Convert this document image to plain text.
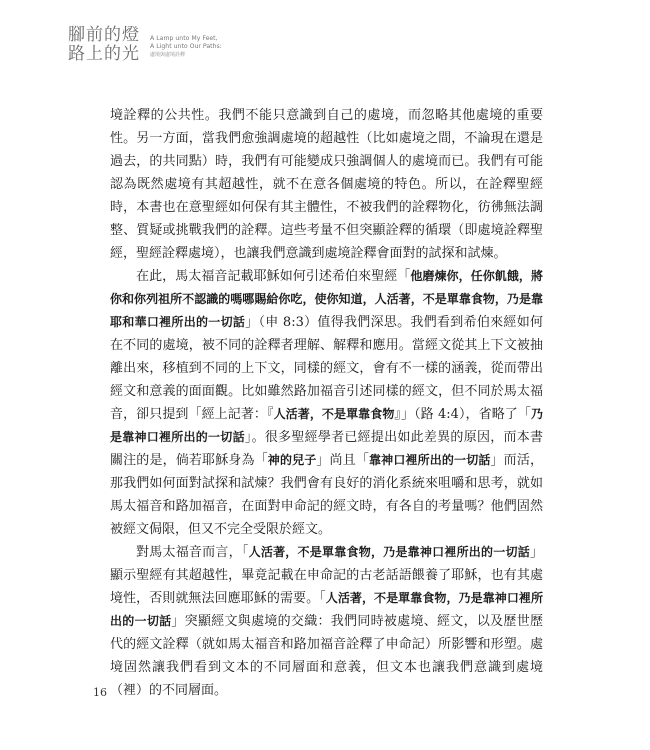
腳前的燈
路上的光
A Lamp unto My Feet,
A Light unto Our Paths:
處境與處境詮釋

境詮釋的公共性。我們不能只意識到自己的處境，而忽略其他處境的重要性。另一方面，當我們愈強調處境的超越性（比如處境之間，不論現在還是過去，的共同點）時，我們有可能變成只強調個人的處境而已。我們有可能認為既然處境有其超越性，就不在意各個處境的特色。所以，在詮釋聖經時，本書也在意聖經如何保有其主體性，不被我們的詮釋物化，彷彿無法調整、質疑或挑戰我們的詮釋。這些考量不但突顯詮釋的循環（即處境詮釋聖經，聖經詮釋處境），也讓我們意識到處境詮釋會面對的試探和試煉。

在此，馬太福音記載耶穌如何引述希伯來聖經「他磨煉你，任你飢餓，將你和你列祖所不認識的嗎哪賜給你吃，使你知道，人活著，不是單靠食物，乃是靠耶和華口裡所出的一切話」（申 8:3）值得我們深思。我們看到希伯來經如何在不同的處境，被不同的詮釋者理解、解釋和應用。當經文從其上下文被抽離出來，移植到不同的上下文，同樣的經文，會有不一樣的涵義，從而帶出經文和意義的面面觀。比如雖然路加福音引述同樣的經文，但不同於馬太福音，卻只提到「經上記著：『人活著，不是單靠食物』」（路 4:4），省略了「乃是靠神口裡所出的一切話」。很多聖經學者已經提出如此差異的原因，而本書關注的是，倘若耶穌身為「神的兒子」尚且「靠神口裡所出的一切話」而活，那我們如何面對試探和試煉？我們會有良好的消化系統來咀嚼和思考，就如馬太福音和路加福音，在面對申命記的經文時，有各自的考量嗎？他們固然被經文侷限，但又不完全受限於經文。

對馬太福音而言，「人活著，不是單靠食物，乃是靠神口裡所出的一切話」顯示聖經有其超越性，畢竟記載在申命記的古老話語餵養了耶穌，也有其處境性，否則就無法回應耶穌的需要。「人活著，不是單靠食物，乃是靠神口裡所出的一切話」突顯經文與處境的交織：我們同時被處境、經文，以及歷世歷代的經文詮釋（就如馬太福音和路加福音詮釋了申命記）所影響和形塑。處境固然讓我們看到文本的不同層面和意義，但文本也讓我們意識到處境（裡）的不同層面。

16
